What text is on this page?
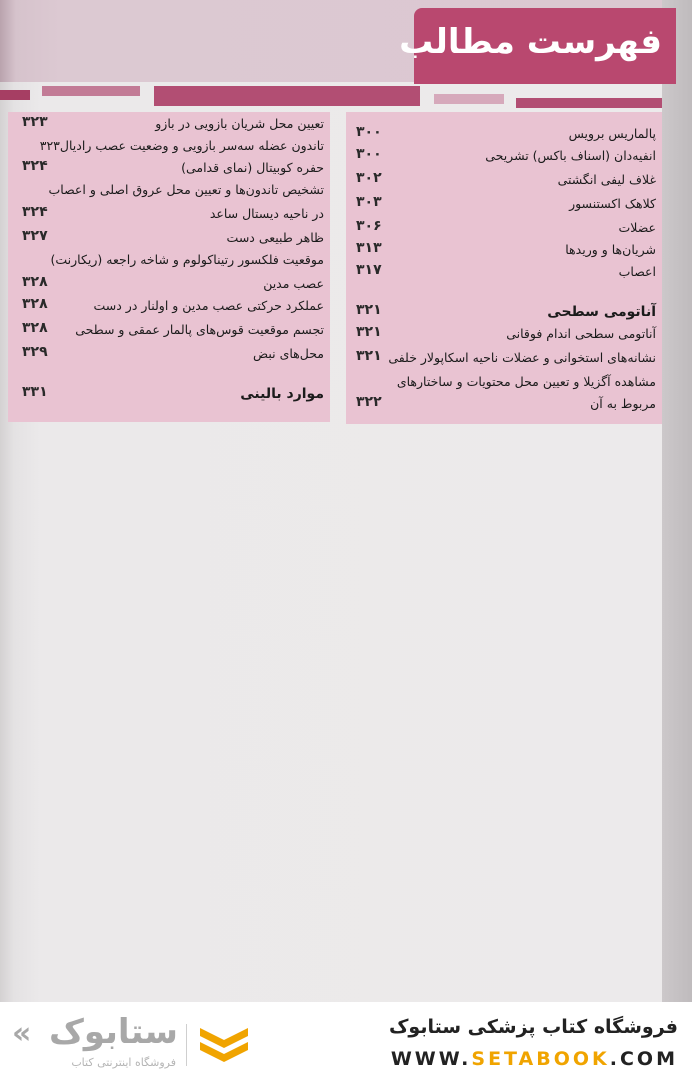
فهرست مطالب
تعیین محل شریان بازویی در بازو
۳۲۳
تاندون عضله سه‌سر بازویی و وضعیت عصب رادیال۳۲۳
حفره کوبیتال (نمای قدامی)
۳۲۴
تشخیص تاندون‌ها و تعیین محل عروق اصلی و اعصاب
در ناحیه دیستال ساعد
۳۲۴
ظاهر طبیعی دست
۳۲۷
موقعیت فلکسور رتیناکولوم و شاخه راجعه (ریکارنت)
عصب مدین
۳۲۸
عملکرد حرکتی عصب مدین و اولنار در دست
۳۲۸
تجسم موقعیت قوس‌های پالمار عمقی و سطحی
۳۲۸
محل‌های نبض
۳۲۹
موارد بالینی
۳۳۱
پالماریس برویس
۳۰۰
انفیه‌دان (اسناف باکس) تشریحی
۳۰۰
غلاف لیفی انگشتی
۳۰۲
کلاهک اکستنسور
۳۰۳
عضلات
۳۰۶
شریان‌ها و وریدها
۳۱۳
اعصاب
۳۱۷
آناتومی سطحی
۳۲۱
آناتومی سطحی اندام فوقانی
۳۲۱
نشانه‌های استخوانی و عضلات ناحیه اسکاپولار خلفی
۳۲۱
مشاهده آگزیلا و تعیین محل محتویات و ساختارهای
مربوط به آن
۳۲۲
فروشگاه کتاب پزشکی ستابوک
WWW.SETABOOK.COM
ستابوک
فروشگاه اینترنتی کتاب
«
